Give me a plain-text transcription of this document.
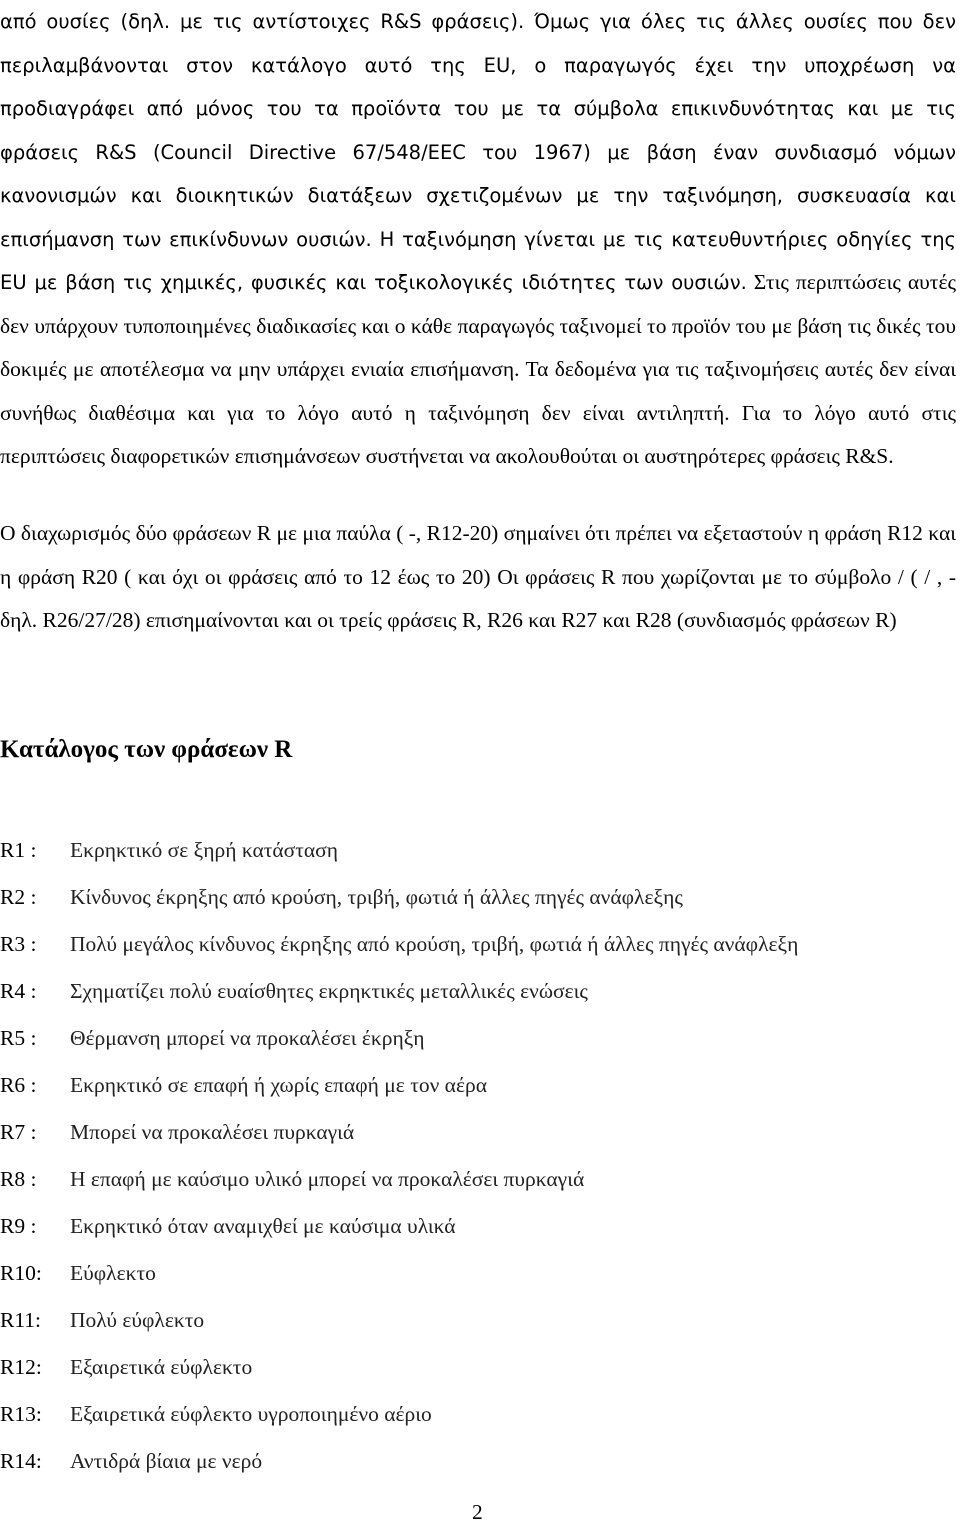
από ουσίες (δηλ. με τις αντίστοιχες R&S φράσεις). Όμως για όλες τις άλλες ουσίες που δεν περιλαμβάνονται στον κατάλογο αυτό της EU, ο παραγωγός έχει την υποχρέωση να προδιαγράφει από μόνος του τα προϊόντα του με τα σύμβολα επικινδυνότητας και με τις φράσεις R&S (Council Directive 67/548/EEC του 1967) με βάση έναν συνδιασμό νόμων κανονισμών και διοικητικών διατάξεων σχετιζομένων με την ταξινόμηση, συσκευασία και επισήμανση των επικίνδυνων ουσιών. Η ταξινόμηση γίνεται με τις κατευθυντήριες οδηγίες της EU με βάση τις χημικές, φυσικές και τοξικολογικές ιδιότητες των ουσιών. Στις περιπτώσεις αυτές δεν υπάρχουν τυποποιημένες διαδικασίες και ο κάθε παραγωγός ταξινομεί το προϊόν του με βάση τις δικές του δοκιμές με αποτέλεσμα να μην υπάρχει ενιαία επισήμανση. Τα δεδομένα για τις ταξινομήσεις αυτές δεν είναι συνήθως διαθέσιμα και για το λόγο αυτό η ταξινόμηση δεν είναι αντιληπτή. Για το λόγο αυτό στις περιπτώσεις διαφορετικών επισημάνσεων συστήνεται να ακολουθούται οι αυστηρότερες φράσεις R&S.

Ο διαχωρισμός δύο φράσεων R με μια παύλα ( -, R12-20) σημαίνει ότι πρέπει να εξεταστούν η φράση R12 και η φράση R20 ( και όχι οι φράσεις από το 12 έως το 20) Οι φράσεις R που χωρίζονται με το σύμβολο / ( / , - δηλ. R26/27/28) επισημαίνονται και οι τρείς φράσεις R, R26 και R27 και R28 (συνδιασμός φράσεων R)

Κατάλογος των φράσεων R
R1 :	Εκρηκτικό σε ξηρή κατάσταση
R2 :	Κίνδυνος έκρηξης από κρούση, τριβή, φωτιά ή άλλες πηγές ανάφλεξης
R3 :	Πολύ μεγάλος κίνδυνος έκρηξης από κρούση, τριβή, φωτιά ή άλλες πηγές ανάφλεξη
R4 :	Σχηματίζει πολύ ευαίσθητες εκρηκτικές μεταλλικές ενώσεις
R5 :	Θέρμανση μπορεί να προκαλέσει έκρηξη
R6 :	Εκρηκτικό σε επαφή ή χωρίς επαφή με τον αέρα
R7 :	Μπορεί να προκαλέσει πυρκαγιά
R8 :	Η επαφή με καύσιμο υλικό μπορεί να προκαλέσει πυρκαγιά
R9 :	Εκρηκτικό όταν αναμιχθεί με καύσιμα υλικά
R10:	Εύφλεκτο
R11:	Πολύ εύφλεκτο
R12:	Εξαιρετικά εύφλεκτο
R13:	Εξαιρετικά εύφλεκτο υγροποιημένο αέριο
R14:	Αντιδρά βίαια με νερό
2
